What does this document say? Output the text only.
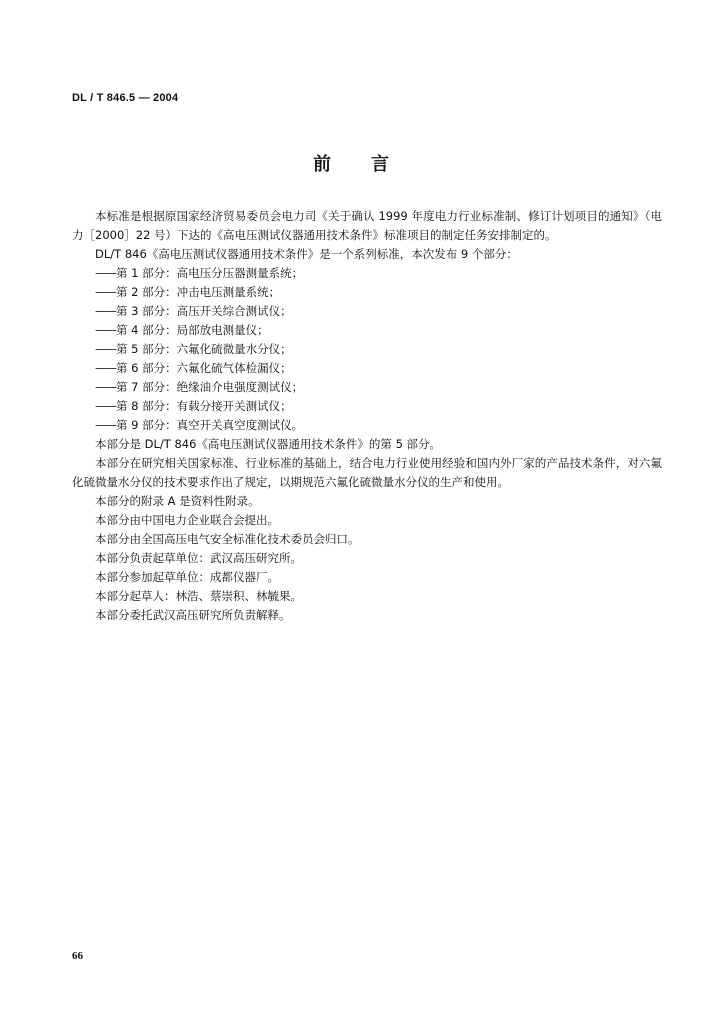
DL / T 846.5 — 2004
前言

本标准是根据原国家经济贸易委员会电力司《关于确认 1999 年度电力行业标准制、修订计划项目的通知》（电力［2000］22 号）下达的《高电压测试仪器通用技术条件》标准项目的制定任务安排制定的。

DL/T 846《高电压测试仪器通用技术条件》是一个系列标准，本次发布 9 个部分：

——第 1 部分：高电压分压器测量系统；

——第 2 部分：冲击电压测量系统；

——第 3 部分：高压开关综合测试仪；

——第 4 部分：局部放电测量仪；

——第 5 部分：六氟化硫微量水分仪；

——第 6 部分：六氟化硫气体检漏仪；

——第 7 部分：绝缘油介电强度测试仪；

——第 8 部分：有载分接开关测试仪；

——第 9 部分：真空开关真空度测试仪。

本部分是 DL/T 846《高电压测试仪器通用技术条件》的第 5 部分。

本部分在研究相关国家标准、行业标准的基础上，结合电力行业使用经验和国内外厂家的产品技术条件，对六氟化硫微量水分仪的技术要求作出了规定，以期规范六氟化硫微量水分仪的生产和使用。

本部分的附录 A 是资料性附录。

本部分由中国电力企业联合会提出。

本部分由全国高压电气安全标准化技术委员会归口。

本部分负责起草单位：武汉高压研究所。

本部分参加起草单位：成都仪器厂。

本部分起草人：林浩、蔡崇积、林毓果。

本部分委托武汉高压研究所负责解释。

66
